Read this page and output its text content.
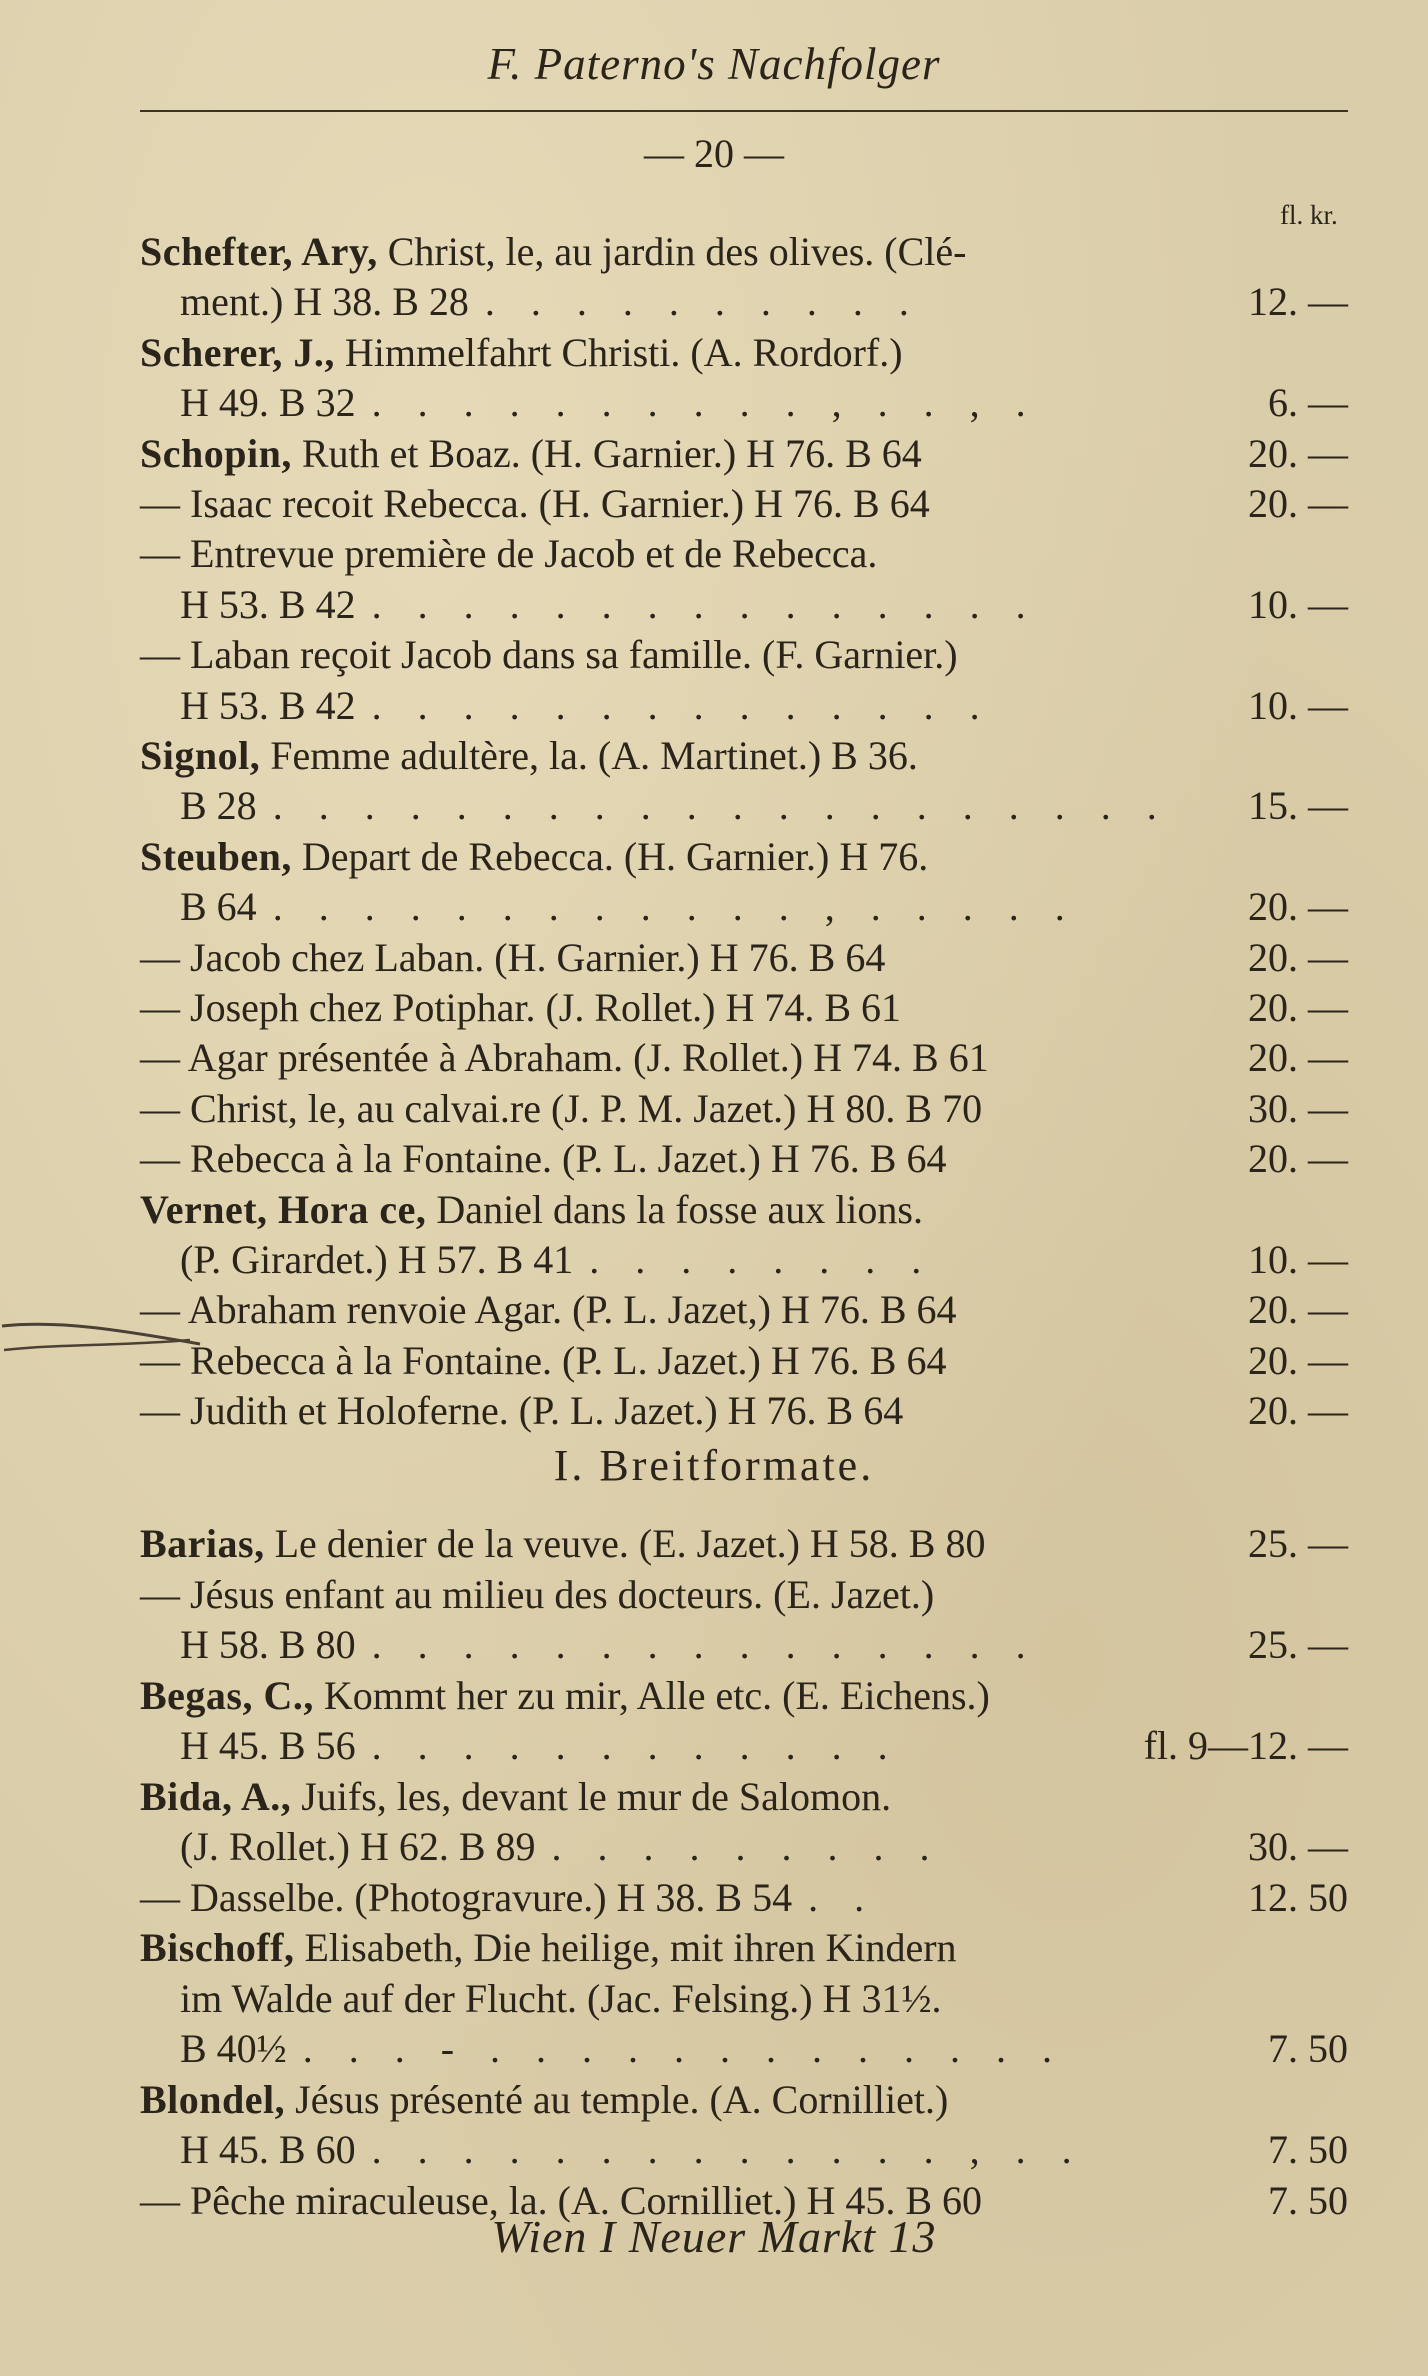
F. Paterno's Nachfolger
— 20 —
fl. kr.
Schefter, Ary, Christ, le, au jardin des olives. (Clé-
ment.) H 38. B 28 . . . . . . . . . .	12. —
Scherer, J., Himmelfahrt Christi. (A. Rordorf.)
H 49. B 32 . . . . . . . . . . , . . , .	6. —
Schopin, Ruth et Boaz. (H. Garnier.) H 76. B 64	20. —
— Isaac recoit Rebecca. (H. Garnier.) H 76. B 64	20. —
— Entrevue première de Jacob et de Rebecca.
H 53. B 42 . . . . . . . . . . . . . . .	10. —
— Laban reçoit Jacob dans sa famille. (F. Garnier.)
H 53. B 42 . . . . . . . . . . . . . .	10. —
Signol, Femme adultère, la. (A. Martinet.) B 36.
B 28 . . . . . . . . . . . . . . . . . . . .	15. —
Steuben, Depart de Rebecca. (H. Garnier.) H 76.
B 64 . . . . . . . . . . . . , . . . . .	20. —
— Jacob chez Laban. (H. Garnier.) H 76. B 64	20. —
— Joseph chez Potiphar. (J. Rollet.) H 74. B 61	20. —
— Agar présentée à Abraham. (J. Rollet.) H 74. B 61	20. —
— Christ, le, au calvai.re (J. P. M. Jazet.) H 80. B 70	30. —
— Rebecca à la Fontaine. (P. L. Jazet.) H 76. B 64	20. —
Vernet, Hora ce, Daniel dans la fosse aux lions.
(P. Girardet.) H 57. B 41 . . . . . . . .	10. —
— Abraham renvoie Agar. (P. L. Jazet,) H 76. B 64	20. —
— Rebecca à la Fontaine. (P. L. Jazet.) H 76. B 64	20. —
— Judith et Holoferne. (P. L. Jazet.) H 76. B 64	20. —
I. Breitformate.
Barias, Le denier de la veuve. (E. Jazet.) H 58. B 80	25. —
— Jésus enfant au milieu des docteurs. (E. Jazet.)
H 58. B 80 . . . . . . . . . . . . . . .	25. —
Begas, C., Kommt her zu mir, Alle etc. (E. Eichens.)
H 45. B 56 . . . . . . . . . . . .	fl. 9—12. —
Bida, A., Juifs, les, devant le mur de Salomon.
(J. Rollet.) H 62. B 89 . . . . . . . . .	30. —
— Dasselbe. (Photogravure.) H 38. B 54 . .	12. 50
Bischoff, Elisabeth, Die heilige, mit ihren Kindern
im Walde auf der Flucht. (Jac. Felsing.) H 31½.
B 40½ . . . - . . . . . . . . . . . . .	7. 50
Blondel, Jésus présenté au temple. (A. Cornilliet.)
H 45. B 60 . . . . . . . . . . . . . , . .	7. 50
— Pêche miraculeuse, la. (A. Cornilliet.) H 45. B 60	7. 50
Wien I Neuer Markt 13
